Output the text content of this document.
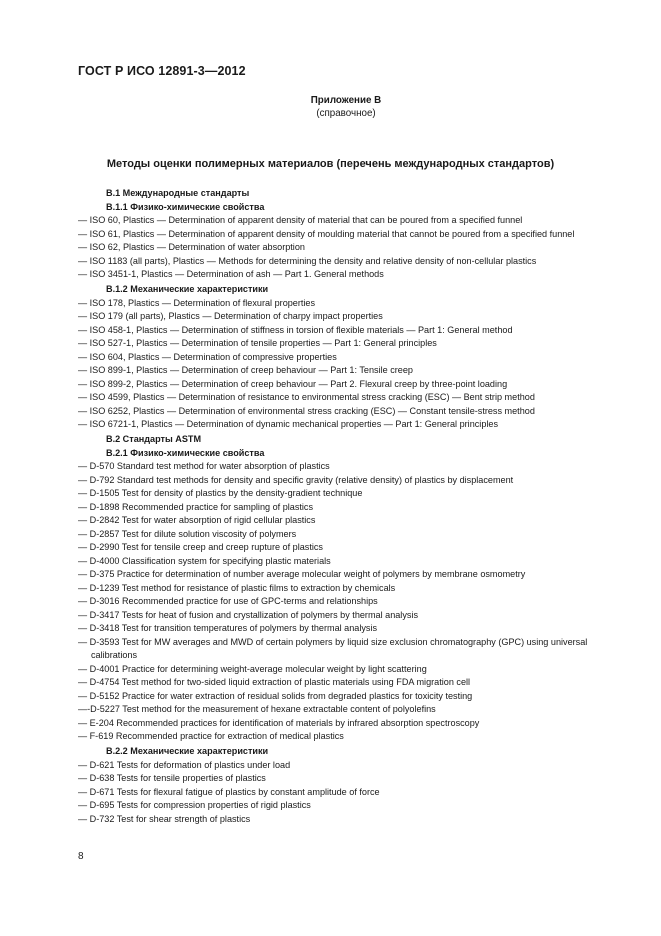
ГОСТ Р ИСО 12891-3—2012
Приложение В
(справочное)
Методы оценки полимерных материалов (перечень международных стандартов)
В.1 Международные стандарты
В.1.1 Физико-химические свойства
— ISO 60, Plastics — Determination of apparent density of material that can be poured from a specified funnel
— ISO 61, Plastics — Determination of apparent density of moulding material that cannot be poured from a specified funnel
— ISO 62, Plastics — Determination of water absorption
— ISO 1183 (all parts), Plastics — Methods for determining the density and relative density of non-cellular plastics
— ISO 3451-1, Plastics — Determination of ash — Part 1. General methods
В.1.2 Механические характеристики
— ISO 178, Plastics — Determination of flexural properties
— ISO 179 (all parts), Plastics — Determination of charpy impact properties
— ISO 458-1, Plastics — Determination of stiffness in torsion of flexible materials — Part 1: General method
— ISO 527-1, Plastics — Determination of tensile properties — Part 1: General principles
— ISO 604, Plastics — Determination of compressive properties
— ISO 899-1, Plastics — Determination of creep behaviour — Part 1: Tensile creep
— ISO 899-2, Plastics — Determination of creep behaviour — Part 2. Flexural creep by three-point loading
— ISO 4599, Plastics — Determination of resistance to environmental stress cracking (ESC) — Bent strip method
— ISO 6252, Plastics — Determination of environmental stress cracking (ESC) — Constant tensile-stress method
— ISO 6721-1, Plastics — Determination of dynamic mechanical properties — Part 1: General principles
В.2 Стандарты ASTM
В.2.1 Физико-химические свойства
— D-570 Standard test method for water absorption of plastics
— D-792 Standard test methods for density and specific gravity (relative density) of plastics by displacement
— D-1505 Test for density of plastics by the density-gradient technique
— D-1898 Recommended practice for sampling of plastics
— D-2842 Test for water absorption of rigid cellular plastics
— D-2857 Test for dilute solution viscosity of polymers
— D-2990 Test for tensile creep and creep rupture of plastics
— D-4000 Classification system for specifying plastic materials
— D-375 Practice for determination of number average molecular weight of polymers by membrane osmometry
— D-1239 Test method for resistance of plastic films to extraction by chemicals
— D-3016 Recommended practice for use of GPC-terms and relationships
— D-3417 Tests for heat of fusion and crystallization of polymers by thermal analysis
— D-3418 Test for transition temperatures of polymers by thermal analysis
— D-3593 Test for MW averages and MWD of certain polymers by liquid size exclusion chromatography (GPC) using universal calibrations
— D-4001 Practice for determining weight-average molecular weight by light scattering
— D-4754 Test method for two-sided liquid extraction of plastic materials using FDA migration cell
— D-5152 Practice for water extraction of residual solids from degraded plastics for toxicity testing
—-D-5227 Test method for the measurement of hexane extractable content of polyolefins
— E-204 Recommended practices for identification of materials by infrared absorption spectroscopy
— F-619 Recommended practice for extraction of medical plastics
В.2.2 Механические характеристики
— D-621 Tests for deformation of plastics under load
— D-638 Tests for tensile properties of plastics
— D-671 Tests for flexural fatigue of plastics by constant amplitude of force
— D-695 Tests for compression properties of rigid plastics
— D-732 Test for shear strength of plastics
8
